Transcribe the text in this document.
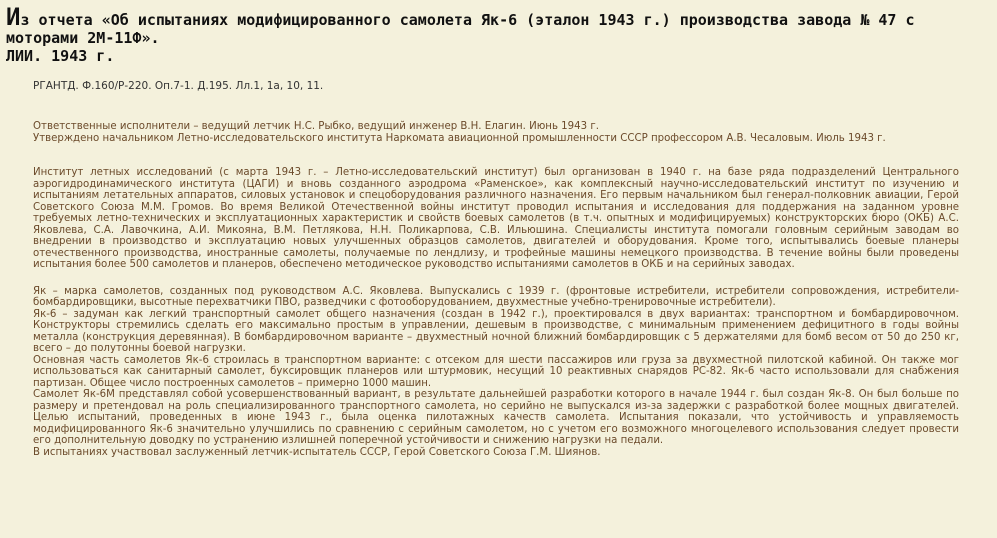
Из отчета «Об испытаниях модифицированного самолета Як-6 (эталон 1943 г.) производства завода № 47 с
моторами 2М-11Ф».
ЛИИ. 1943 г.
РГАНТД. Ф.160/Р-220. Оп.7-1. Д.195. Лл.1, 1а, 10, 11.

Ответственные исполнители – ведущий летчик Н.С. Рыбко, ведущий инженер В.Н. Елагин. Июнь 1943 г.

Утверждено начальником Летно-исследовательского института Наркомата авиационной промышленности СССР профессором А.В. Чесаловым. Июль 1943 г.

Институт летных исследований (с марта 1943 г. – Летно-исследовательский институт) был организован в 1940 г. на базе ряда подразделений Центрального аэрогидродинамического института (ЦАГИ) и вновь созданного аэродрома «Раменское», как комплексный научно-исследовательский институт по изучению и испытаниям летательных аппаратов, силовых установок и спецоборудования различного назначения. Его первым начальником был генерал-полковник авиации, Герой Советского Союза М.М. Громов. Во время Великой Отечественной войны институт проводил испытания и исследования для поддержания на заданном уровне требуемых летно-технических и эксплуатационных характеристик и свойств боевых самолетов (в т.ч. опытных и модифицируемых) конструкторских бюро (ОКБ) А.С. Яковлева, С.А. Лавочкина, А.И. Микояна, В.М. Петлякова, Н.Н. Поликарпова, С.В. Ильюшина. Специалисты института помогали головным серийным заводам во внедрении в производство и эксплуатацию новых улучшенных образцов самолетов, двигателей и оборудования. Кроме того, испытывались боевые планеры отечественного производства, иностранные самолеты, получаемые по лендлизу, и трофейные машины немецкого производства. В течение войны были проведены испытания более 500 самолетов и планеров, обеспечено методическое руководство испытаниями самолетов в ОКБ и на серийных заводах.

Як – марка самолетов, созданных под руководством А.С. Яковлева. Выпускались с 1939 г. (фронтовые истребители, истребители сопровождения, истребители-бомбардировщики, высотные перехватчики ПВО, разведчики с фотооборудованием, двухместные учебно-тренировочные истребители).

Як-6 – задуман как легкий транспортный самолет общего назначения (создан в 1942 г.), проектировался в двух вариантах: транспортном и бомбардировочном. Конструкторы стремились сделать его максимально простым в управлении, дешевым в производстве, с минимальным применением дефицитного в годы войны металла (конструкция деревянная). В бомбардировочном варианте – двухместный ночной ближний бомбардировщик с 5 держателями для бомб весом от 50 до 250 кг, всего – до полутонны боевой нагрузки.

Основная часть самолетов Як-6 строилась в транспортном варианте: с отсеком для шести пассажиров или груза за двухместной пилотской кабиной. Он также мог использоваться как санитарный самолет, буксировщик планеров или штурмовик, несущий 10 реактивных снарядов РС-82. Як-6 часто использовали для снабжения партизан. Общее число построенных самолетов – примерно 1000 машин.

Самолет Як-6М представлял собой усовершенствованный вариант, в результате дальнейшей разработки которого в начале 1944 г. был создан Як-8. Он был больше по размеру и претендовал на роль специализированного транспортного самолета, но серийно не выпускался из-за задержки с разработкой более мощных двигателей. Целью испытаний, проведенных в июне 1943 г., была оценка пилотажных качеств самолета. Испытания показали, что устойчивость и управляемость модифицированного Як-6 значительно улучшились по сравнению с серийным самолетом, но с учетом его возможного многоцелевого использования следует провести его дополнительную доводку по устранению излишней поперечной устойчивости и снижению нагрузки на педали.

В испытаниях участвовал заслуженный летчик-испытатель СССР, Герой Советского Союза Г.М. Шиянов.
